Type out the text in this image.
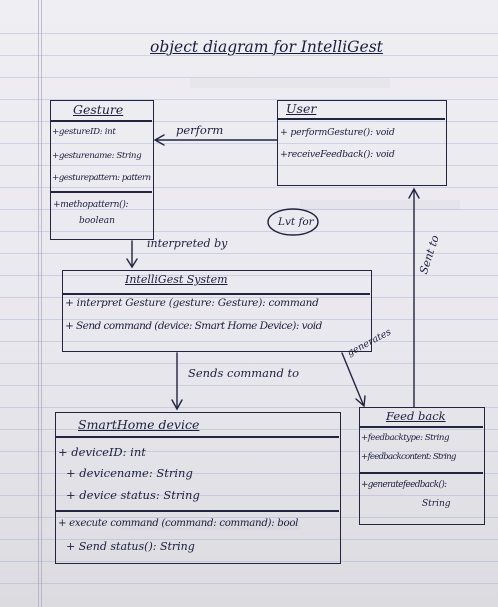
object diagram for IntelliGest
Gesture
+gestureID: int
+gesturename: String
+gesturepattern: pattern
+methopattern():
boolean
User
+ performGesture(): void
+receiveFeedback(): void
Lvt for
IntelliGest System
+ interpret Gesture (gesture: Gesture): command
+ Send command (device: Smart Home Device): void
SmartHome device
+ deviceID: int
+ devicename: String
+ device status: String
+ execute command (command: command): bool
+ Send status(): String
Feed back
+feedbacktype: String
+feedbackcontent: String
+generatefeedback():
String
perform
interpreted by
Sends command to
generates
Sent to
